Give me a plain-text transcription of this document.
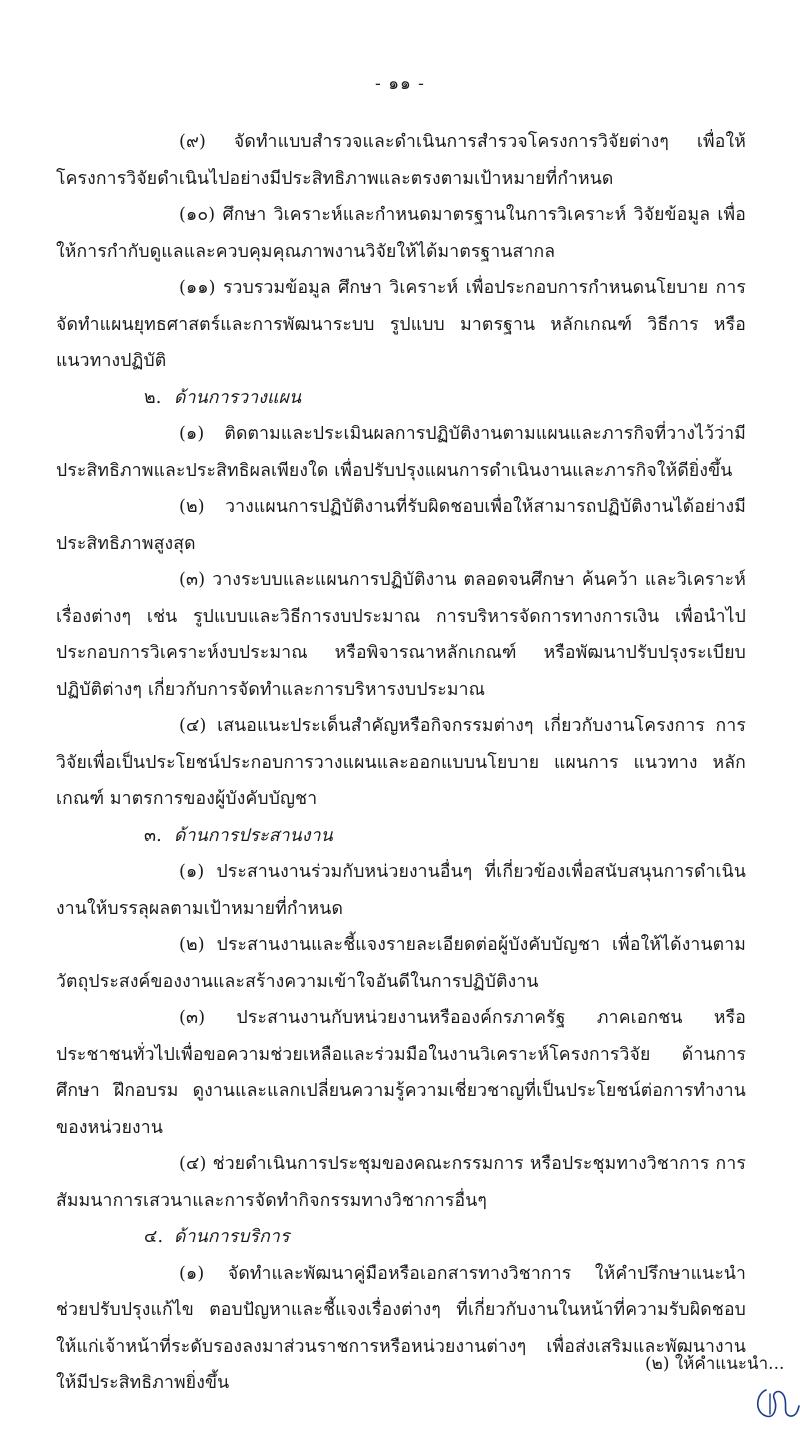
- ๑๑ -

(๙) จัดทำแบบสำรวจและดำเนินการสำรวจโครงการวิจัยต่างๆ เพื่อให้โครงการวิจัยดำเนินไปอย่างมีประสิทธิภาพและตรงตามเป้าหมายที่กำหนด

(๑๐) ศึกษา วิเคราะห์และกำหนดมาตรฐานในการวิเคราะห์ วิจัยข้อมูล เพื่อให้การกำกับดูแลและควบคุมคุณภาพงานวิจัยให้ได้มาตรฐานสากล

(๑๑) รวบรวมข้อมูล ศึกษา วิเคราะห์ เพื่อประกอบการกำหนดนโยบาย การจัดทำแผนยุทธศาสตร์และการพัฒนาระบบ รูปแบบ มาตรฐาน หลักเกณฑ์ วิธีการ หรือแนวทางปฏิบัติ

๒. ด้านการวางแผน

(๑) ติดตามและประเมินผลการปฏิบัติงานตามแผนและภารกิจที่วางไว้ว่ามีประสิทธิภาพและประสิทธิผลเพียงใด เพื่อปรับปรุงแผนการดำเนินงานและภารกิจให้ดียิ่งขึ้น

(๒) วางแผนการปฏิบัติงานที่รับผิดชอบเพื่อให้สามารถปฏิบัติงานได้อย่างมีประสิทธิภาพสูงสุด

(๓) วางระบบและแผนการปฏิบัติงาน ตลอดจนศึกษา ค้นคว้า และวิเคราะห์เรื่องต่างๆ เช่น รูปแบบและวิธีการงบประมาณ การบริหารจัดการทางการเงิน เพื่อนำไปประกอบการวิเคราะห์งบประมาณ หรือพิจารณาหลักเกณฑ์ หรือพัฒนาปรับปรุงระเบียบปฏิบัติต่างๆ เกี่ยวกับการจัดทำและการบริหารงบประมาณ

(๔) เสนอแนะประเด็นสำคัญหรือกิจกรรมต่างๆ เกี่ยวกับงานโครงการ การวิจัยเพื่อเป็นประโยชน์ประกอบการวางแผนและออกแบบนโยบาย แผนการ แนวทาง หลักเกณฑ์ มาตรการของผู้บังคับบัญชา

๓. ด้านการประสานงาน

(๑) ประสานงานร่วมกับหน่วยงานอื่นๆ ที่เกี่ยวข้องเพื่อสนับสนุนการดำเนินงานให้บรรลุผลตามเป้าหมายที่กำหนด

(๒) ประสานงานและชี้แจงรายละเอียดต่อผู้บังคับบัญชา เพื่อให้ได้งานตามวัตถุประสงค์ของงานและสร้างความเข้าใจอันดีในการปฏิบัติงาน

(๓) ประสานงานกับหน่วยงานหรือองค์กรภาครัฐ ภาคเอกชน หรือประชาชนทั่วไปเพื่อขอความช่วยเหลือและร่วมมือในงานวิเคราะห์โครงการวิจัย ด้านการศึกษา ฝึกอบรม ดูงานและแลกเปลี่ยนความรู้ความเชี่ยวชาญที่เป็นประโยชน์ต่อการทำงานของหน่วยงาน

(๔) ช่วยดำเนินการประชุมของคณะกรรมการ หรือประชุมทางวิชาการ การสัมมนาการเสวนาและการจัดทำกิจกรรมทางวิชาการอื่นๆ

๔. ด้านการบริการ

(๑) จัดทำและพัฒนาคู่มือหรือเอกสารทางวิชาการ ให้คำปรึกษาแนะนำ ช่วยปรับปรุงแก้ไข ตอบปัญหาและชี้แจงเรื่องต่างๆ ที่เกี่ยวกับงานในหน้าที่ความรับผิดชอบให้แก่เจ้าหน้าที่ระดับรองลงมาส่วนราชการหรือหน่วยงานต่างๆ เพื่อส่งเสริมและพัฒนางานให้มีประสิทธิภาพยิ่งขึ้น

(๒) ให้คำแนะนำ...
